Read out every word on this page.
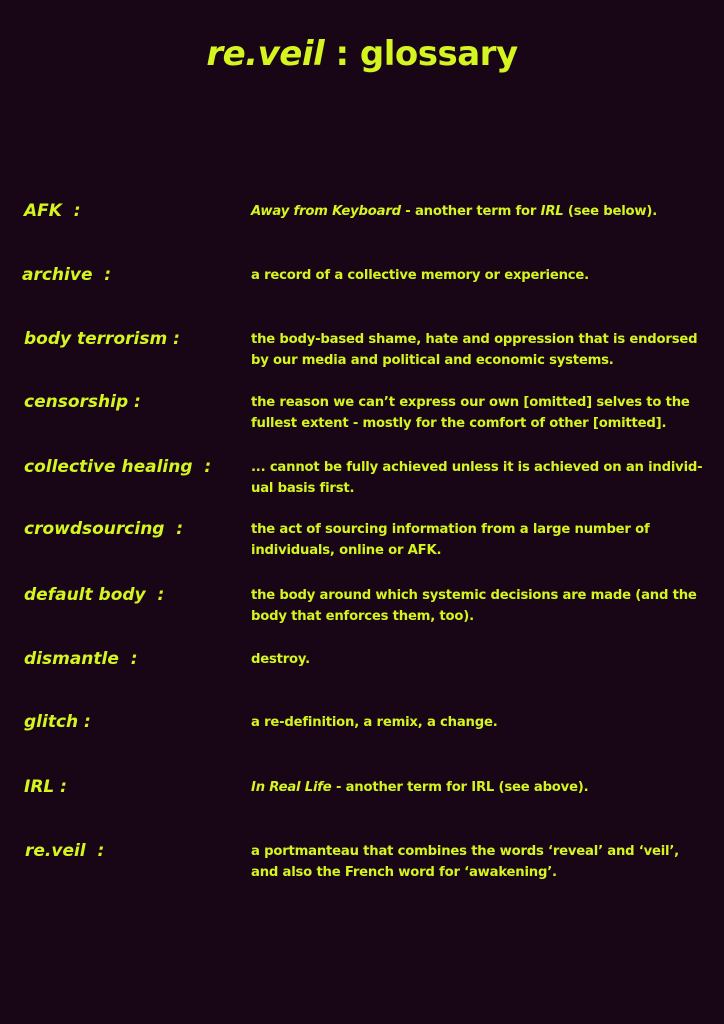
re.veil : glossary
AFK  :	Away from Keyboard - another term for IRL (see below).
archive  :	a record of a collective memory or experience.
body terrorism :	the body-based shame, hate and oppression that is endorsed
by our media and political and economic systems.
censorship :	the reason we can’t express our own [omitted] selves to the
fullest extent - mostly for the comfort of other [omitted].
collective healing  :	... cannot be fully achieved unless it is achieved on an individ-
ual basis first.
crowdsourcing  :	the act of sourcing information from a large number of
individuals, online or AFK.
default body  :	the body around which systemic decisions are made (and the
body that enforces them, too).
dismantle  :	destroy.
glitch :	a re-definition, a remix, a change.
IRL :	In Real Life - another term for IRL (see above).
re.veil  :	a portmanteau that combines the words ‘reveal’ and ‘veil’,
and also the French word for ‘awakening’.
